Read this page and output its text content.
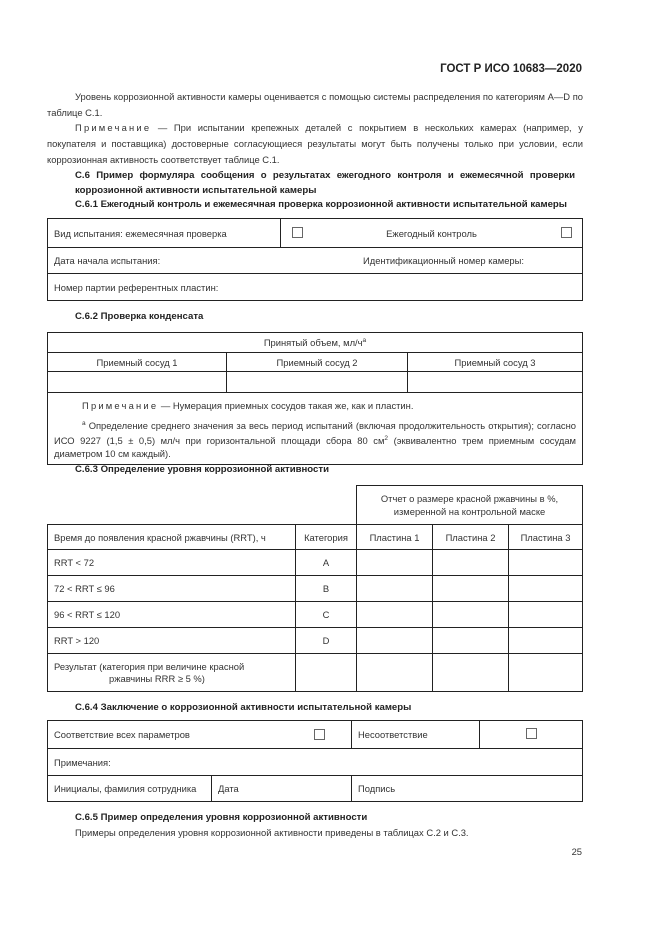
ГОСТ Р ИСО 10683—2020
Уровень коррозионной активности камеры оценивается с помощью системы распределения по категориям A—D по таблице C.1.
Примечание — При испытании крепежных деталей с покрытием в нескольких камерах (например, у покупателя и поставщика) достоверные согласующиеся результаты могут быть получены только при условии, если коррозионная активность соответствует таблице C.1.
C.6 Пример формуляра сообщения о результатах ежегодного контроля и ежемесячной проверки коррозионной активности испытательной камеры
C.6.1 Ежегодный контроль и ежемесячная проверка коррозионной активности испытательной камеры
Вид испытания: ежемесячная проверка		Ежегодный контроль	
Дата начала испытания:		Идентификационный номер камеры:	
Номер партии референтных пластин:			
C.6.2 Проверка конденсата
Принятый объем, $мл/ч^a$
Приемный сосуд 1	Приемный сосуд 2	Приемный сосуд 3

Примечание — Нумерация приемных сосудов такая же, как и пластин.
$^a$ Определение среднего значения за весь период испытаний (включая продолжительность открытия); согласно ИСО 9227 (1,5 ± 0,5) мл/ч при горизонтальной площади сбора 80 $см^2$ (эквивалентно трем приемным сосудам диаметром 10 см каждый).		
C.6.3 Определение уровня коррозионной активности
		Отчет о размере красной ржавчины в %, измеренной на контрольной маске		
Время до появления красной ржавчины (RRT), ч	Категория	Пластина 1	Пластина 2	Пластина 3
RRT < 72	A			
72 < RRT ≤ 96	B			
96 < RRT ≤ 120	C			
RRT > 120	D			

Результат (категория при величине красной
ржавчины RRR ≥ 5 %)				

C.6.4 Заключение о коррозионной активности испытательной камеры
Соответствие всех параметров		Несоответствие	
Примечания:			
Инициалы, фамилия сотрудника	Дата	Подпись	
C.6.5 Пример определения уровня коррозионной активности
Примеры определения уровня коррозионной активности приведены в таблицах C.2 и C.3.
25
